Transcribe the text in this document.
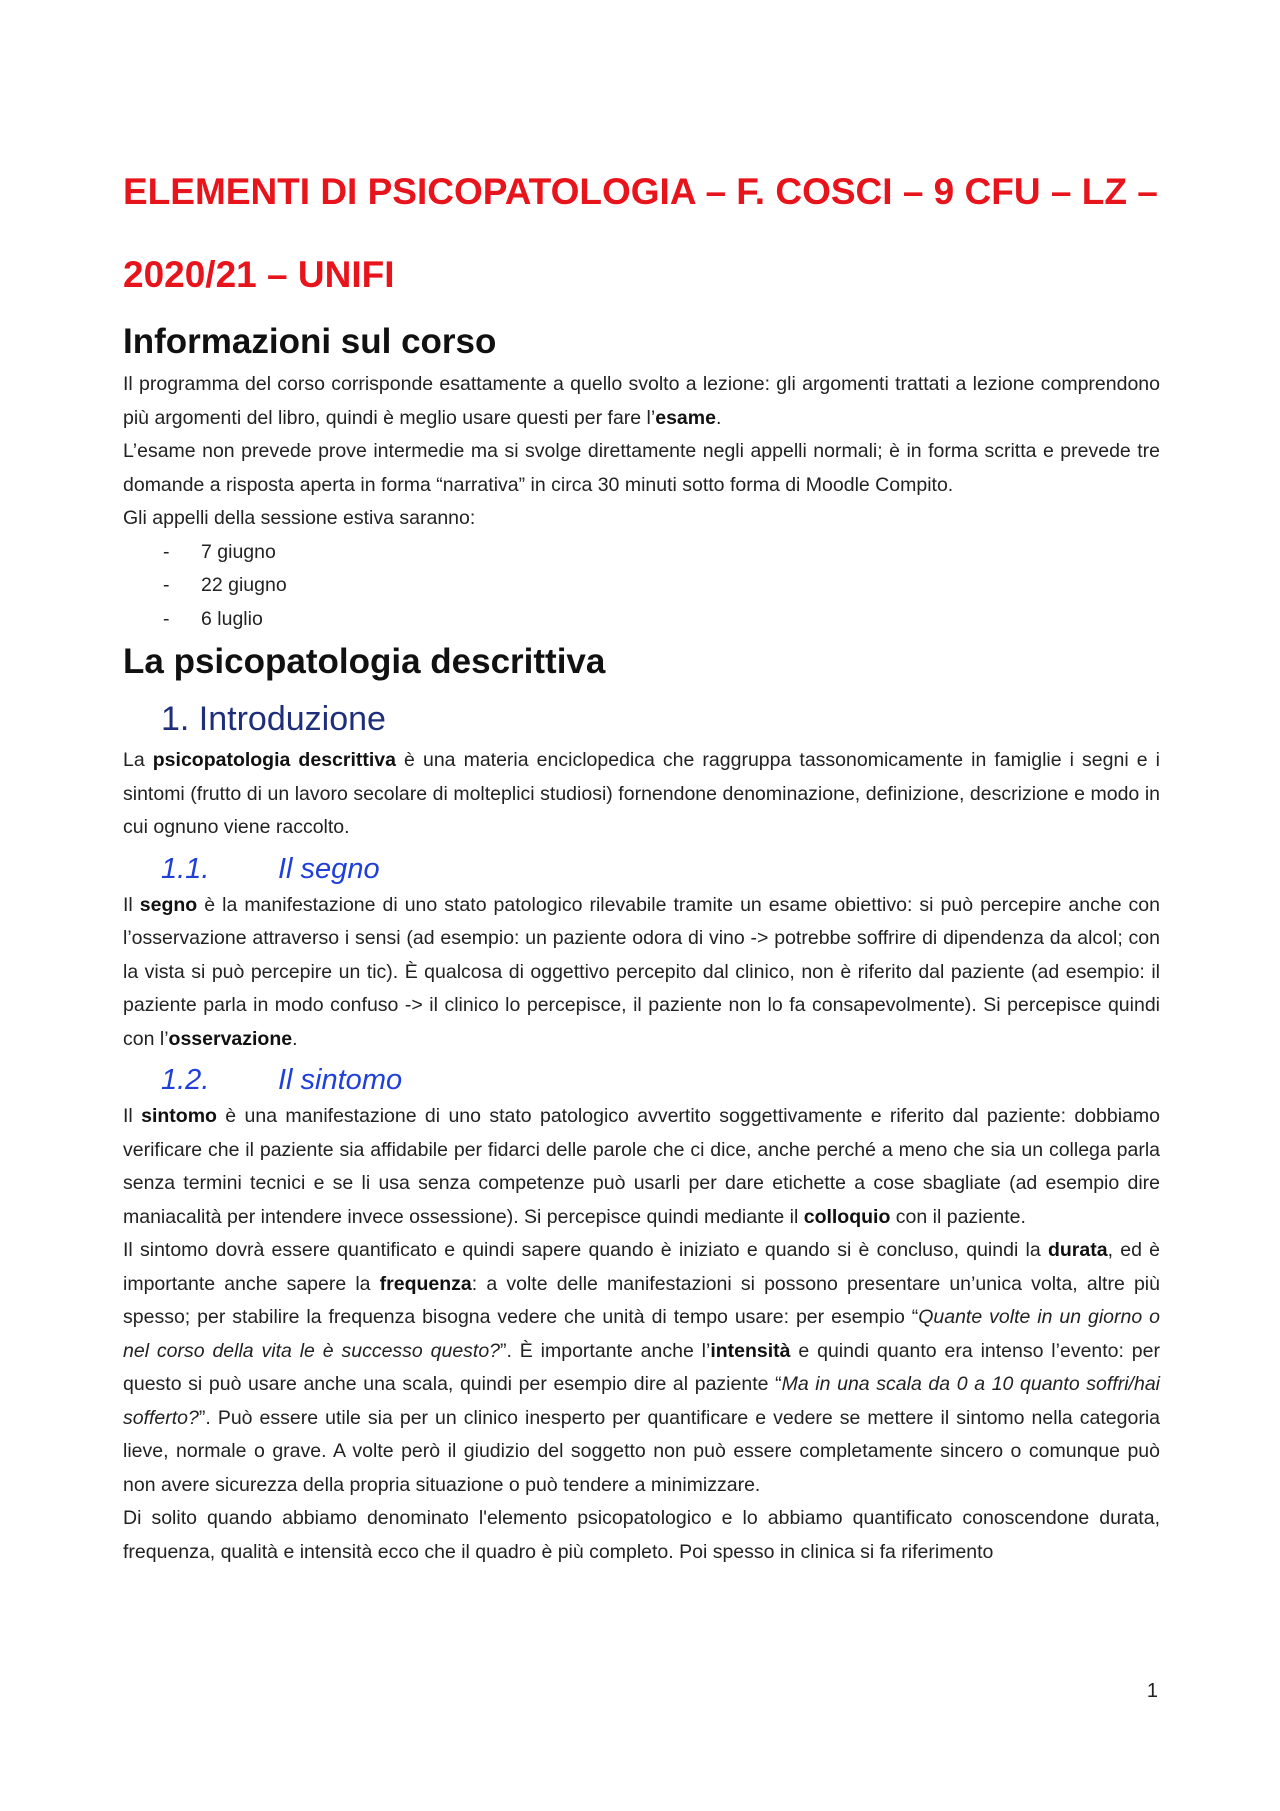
ELEMENTI DI PSICOPATOLOGIA – F. COSCI – 9 CFU – LZ – 2020/21 – UNIFI
Informazioni sul corso

Il programma del corso corrisponde esattamente a quello svolto a lezione: gli argomenti trattati a lezione comprendono più argomenti del libro, quindi è meglio usare questi per fare l’esame.

L’esame non prevede prove intermedie ma si svolge direttamente negli appelli normali; è in forma scritta e prevede tre domande a risposta aperta in forma “narrativa” in circa 30 minuti sotto forma di Moodle Compito.

Gli appelli della sessione estiva saranno:

- 7 giugno
- 22 giugno
- 6 luglio
La psicopatologia descrittiva
1. Introduzione

La psicopatologia descrittiva è una materia enciclopedica che raggruppa tassonomicamente in famiglie i segni e i sintomi (frutto di un lavoro secolare di molteplici studiosi) fornendone denominazione, definizione, descrizione e modo in cui ognuno viene raccolto.

1.1.	Il segno

Il segno è la manifestazione di uno stato patologico rilevabile tramite un esame obiettivo: si può percepire anche con l’osservazione attraverso i sensi (ad esempio: un paziente odora di vino -> potrebbe soffrire di dipendenza da alcol; con la vista si può percepire un tic). È qualcosa di oggettivo percepito dal clinico, non è riferito dal paziente (ad esempio: il paziente parla in modo confuso -> il clinico lo percepisce, il paziente non lo fa consapevolmente). Si percepisce quindi con l’osservazione.

1.2.	Il sintomo

Il sintomo è una manifestazione di uno stato patologico avvertito soggettivamente e riferito dal paziente: dobbiamo verificare che il paziente sia affidabile per fidarci delle parole che ci dice, anche perché a meno che sia un collega parla senza termini tecnici e se li usa senza competenze può usarli per dare etichette a cose sbagliate (ad esempio dire maniacalità per intendere invece ossessione). Si percepisce quindi mediante il colloquio con il paziente.

Il sintomo dovrà essere quantificato e quindi sapere quando è iniziato e quando si è concluso, quindi la durata, ed è importante anche sapere la frequenza: a volte delle manifestazioni si possono presentare un’unica volta, altre più spesso; per stabilire la frequenza bisogna vedere che unità di tempo usare: per esempio “Quante volte in un giorno o nel corso della vita le è successo questo?”. È importante anche l’intensità e quindi quanto era intenso l’evento: per questo si può usare anche una scala, quindi per esempio dire al paziente “Ma in una scala da 0 a 10 quanto soffri/hai sofferto?”. Può essere utile sia per un clinico inesperto per quantificare e vedere se mettere il sintomo nella categoria lieve, normale o grave. A volte però il giudizio del soggetto non può essere completamente sincero o comunque può non avere sicurezza della propria situazione o può tendere a minimizzare.

Di solito quando abbiamo denominato l'elemento psicopatologico e lo abbiamo quantificato conoscendone durata, frequenza, qualità e intensità ecco che il quadro è più completo. Poi spesso in clinica si fa riferimento

1
